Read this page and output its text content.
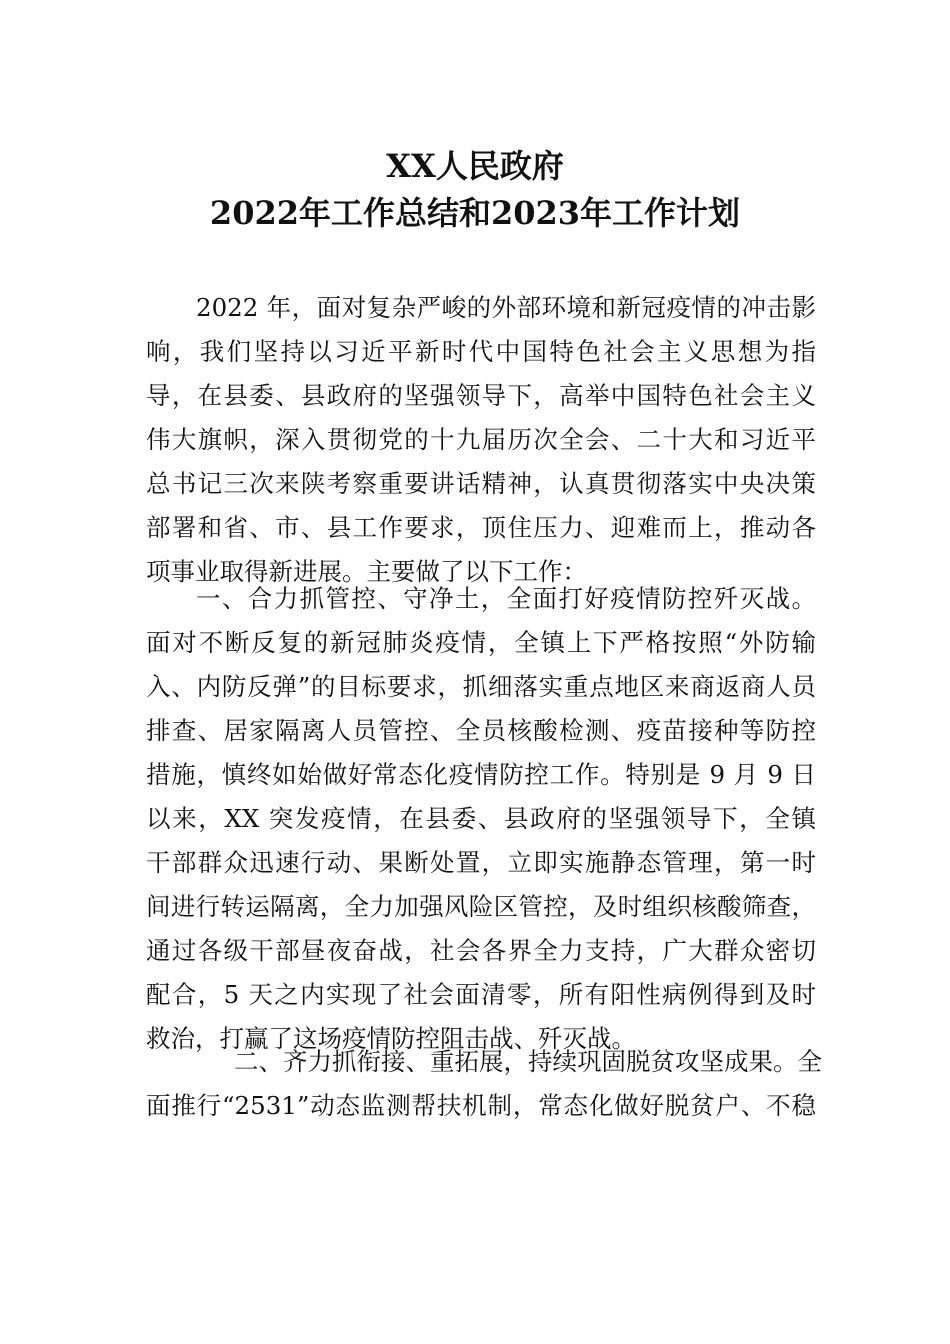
XX人民政府
2022年工作总结和2023年工作计划
2022 年，面对复杂严峻的外部环境和新冠疫情的冲击影
响，我们坚持以习近平新时代中国特色社会主义思想为指
导，在县委、县政府的坚强领导下，高举中国特色社会主义
伟大旗帜，深入贯彻党的十九届历次全会、二十大和习近平
总书记三次来陕考察重要讲话精神，认真贯彻落实中央决策
部署和省、市、县工作要求，顶住压力、迎难而上，推动各
项事业取得新进展。主要做了以下工作：
一、合力抓管控、守净土，全面打好疫情防控歼灭战。
面对不断反复的新冠肺炎疫情，全镇上下严格按照“外防输
入、内防反弹”的目标要求，抓细落实重点地区来商返商人员
排查、居家隔离人员管控、全员核酸检测、疫苗接种等防控
措施，慎终如始做好常态化疫情防控工作。特别是 9 月 9 日
以来，XX 突发疫情，在县委、县政府的坚强领导下，全镇
干部群众迅速行动、果断处置，立即实施静态管理，第一时
间进行转运隔离，全力加强风险区管控，及时组织核酸筛查，
通过各级干部昼夜奋战，社会各界全力支持，广大群众密切
配合，5 天之内实现了社会面清零，所有阳性病例得到及时
救治，打赢了这场疫情防控阻击战、歼灭战。
二、齐力抓衔接、重拓展，持续巩固脱贫攻坚成果。全
面推行“2531”动态监测帮扶机制，常态化做好脱贫户、不稳
